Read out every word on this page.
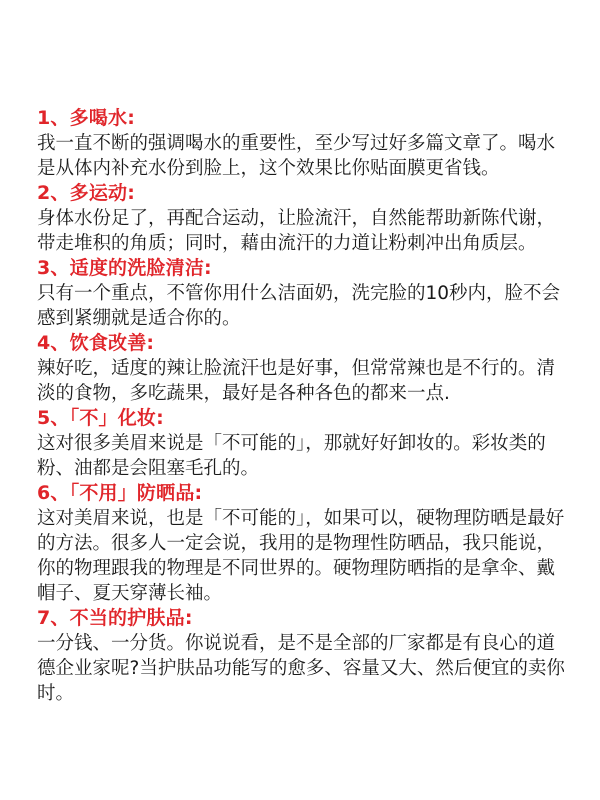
1、多喝水:

我一直不断的强调喝水的重要性，至少写过好多篇文章了。喝水是从体内补充水份到脸上，这个效果比你贴面膜更省钱。

2、多运动:

身体水份足了，再配合运动，让脸流汗，自然能帮助新陈代谢，带走堆积的角质；同时，藉由流汗的力道让粉刺冲出角质层。

3、适度的洗脸清洁:

只有一个重点，不管你用什么洁面奶，洗完脸的10秒内，脸不会感到紧绷就是适合你的。

4、饮食改善:

辣好吃，适度的辣让脸流汗也是好事，但常常辣也是不行的。清淡的食物，多吃蔬果，最好是各种各色的都来一点.

5、「不」化妆:

这对很多美眉来说是「不可能的」，那就好好卸妆的。彩妆类的粉、油都是会阻塞毛孔的。

6、「不用」防晒品:

这对美眉来说，也是「不可能的」，如果可以，硬物理防晒是最好的方法。很多人一定会说，我用的是物理性防晒品，我只能说，你的物理跟我的物理是不同世界的。硬物理防晒指的是拿伞、戴帽子、夏天穿薄长袖。

7、不当的护肤品:

一分钱、一分货。你说说看，是不是全部的厂家都是有良心的道德企业家呢?当护肤品功能写的愈多、容量又大、然后便宜的卖你时。
